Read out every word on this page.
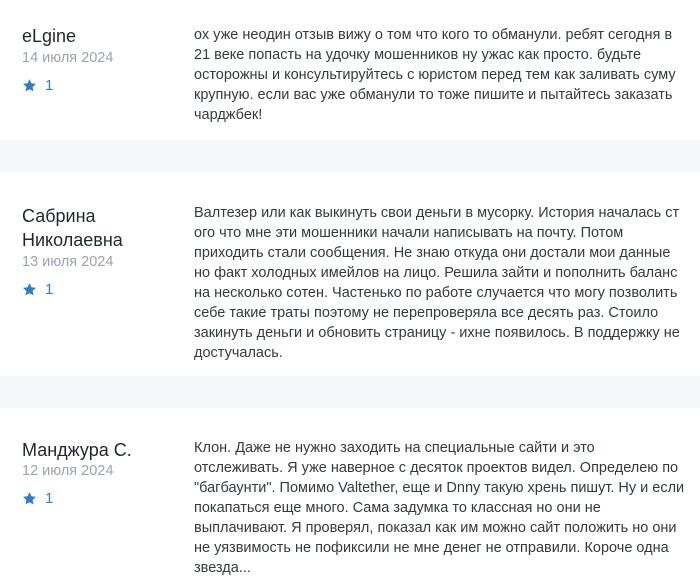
eLgine
14 июля 2024
1
ох уже неодин отзыв вижу о том что кого то обманули. ребят сегодня в 21 веке попасть на удочку мошенников ну ужас как просто. будьте осторожны и консультируйтесь с юристом перед тем как заливать суму крупную. если вас уже обманули то тоже пишите и пытайтесь заказать чарджбек!
Сабрина Николаевна
13 июля 2024
1
Валтезер или как выкинуть свои деньги в мусорку. История началась ст ого что мне эти мошенники начали написывать на почту. Потом приходить стали сообщения. Не знаю откуда они достали мои данные но факт холодных имейлов на лицо. Решила зайти и пополнить баланс на несколько сотен. Частенько по работе случается что могу позволить себе такие траты поэтому не перепроверяла все десять раз. Стоило закинуть деньги и обновить страницу - ихне появилось. В поддержку не достучалась.
Манджура С.
12 июля 2024
1
Клон. Даже не нужно заходить на специальные сайти и это отслеживать. Я уже наверное с десяток проектов видел. Определею по "багбаунти". Помимо Valtether, еще и Dnny такую хрень пишут. Ну и если покапаться еще много. Сама задумка то классная но они не выплачивают. Я проверял, показал как им можно сайт положить но они не уязвимость не пофиксили не мне денег не отправили. Короче одна звезда...
